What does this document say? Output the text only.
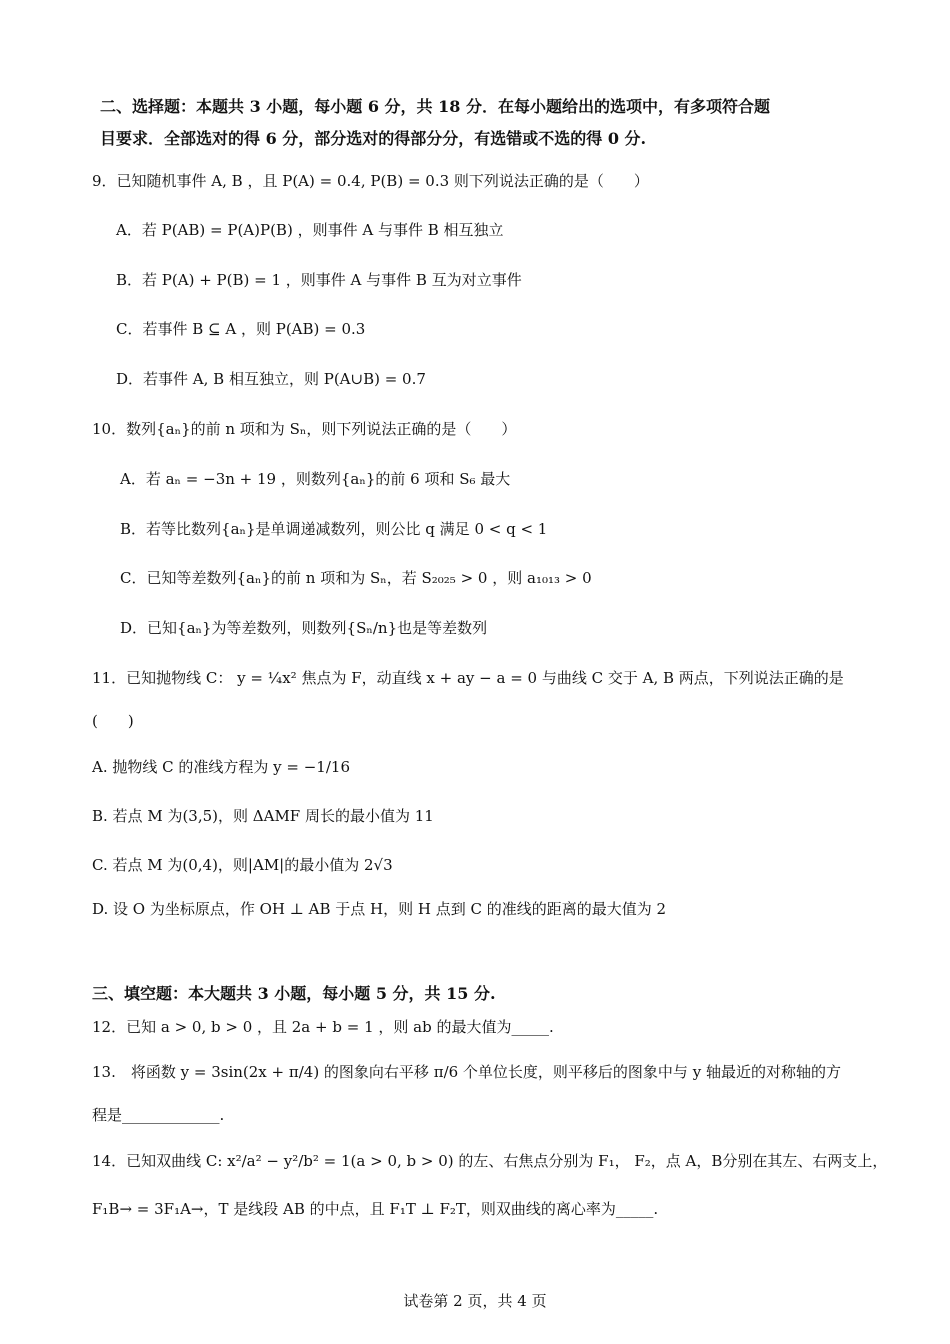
二、选择题：本题共 3 小题，每小题 6 分，共 18 分．在每小题给出的选项中，有多项符合题
目要求．全部选对的得 6 分，部分选对的得部分分，有选错或不选的得 0 分.
9．已知随机事件 A, B ，且 P(A) = 0.4, P(B) = 0.3 则下列说法正确的是（　　）
A．若 P(AB) = P(A)P(B) ，则事件 A 与事件 B 相互独立
B．若 P(A) + P(B) = 1 ，则事件 A 与事件 B 互为对立事件
C．若事件 B ⊆ A ，则 P(AB) = 0.3
D．若事件 A, B 相互独立，则 P(A∪B) = 0.7
10．数列{aₙ}的前 n 项和为 Sₙ，则下列说法正确的是（　　）
A．若 aₙ = −3n + 19 ，则数列{aₙ}的前 6 项和 S₆ 最大
B．若等比数列{aₙ}是单调递减数列，则公比 q 满足 0 < q < 1
C．已知等差数列{aₙ}的前 n 项和为 Sₙ，若 S₂₀₂₅ > 0 ，则 a₁₀₁₃ > 0
D．已知{aₙ}为等差数列，则数列{Sₙ/n}也是等差数列
11．已知抛物线 C： y = ¼x² 焦点为 F，动直线 x + ay − a = 0 与曲线 C 交于 A, B 两点，下列说法正确的是
(　　)
A. 抛物线 C 的准线方程为 y = −1/16
B. 若点 M 为(3,5)，则 ΔAMF 周长的最小值为 11
C. 若点 M 为(0,4)，则|AM|的最小值为 2√3
D. 设 O 为坐标原点，作 OH ⊥ AB 于点 H，则 H 点到 C 的准线的距离的最大值为 2
三、填空题：本大题共 3 小题，每小题 5 分，共 15 分.
12．已知 a > 0, b > 0 ，且 2a + b = 1 ，则 ab 的最大值为_____.
13.　将函数 y = 3sin(2x + π/4) 的图象向右平移 π/6 个单位长度，则平移后的图象中与 y 轴最近的对称轴的方
程是_____________.
14．已知双曲线 C: x²/a² − y²/b² = 1(a > 0, b > 0) 的左、右焦点分别为 F₁， F₂，点 A，B分别在其左、右两支上，
F₁B→ = 3F₁A→，T 是线段 AB 的中点，且 F₁T ⊥ F₂T，则双曲线的离心率为_____.
试卷第 2 页，共 4 页
